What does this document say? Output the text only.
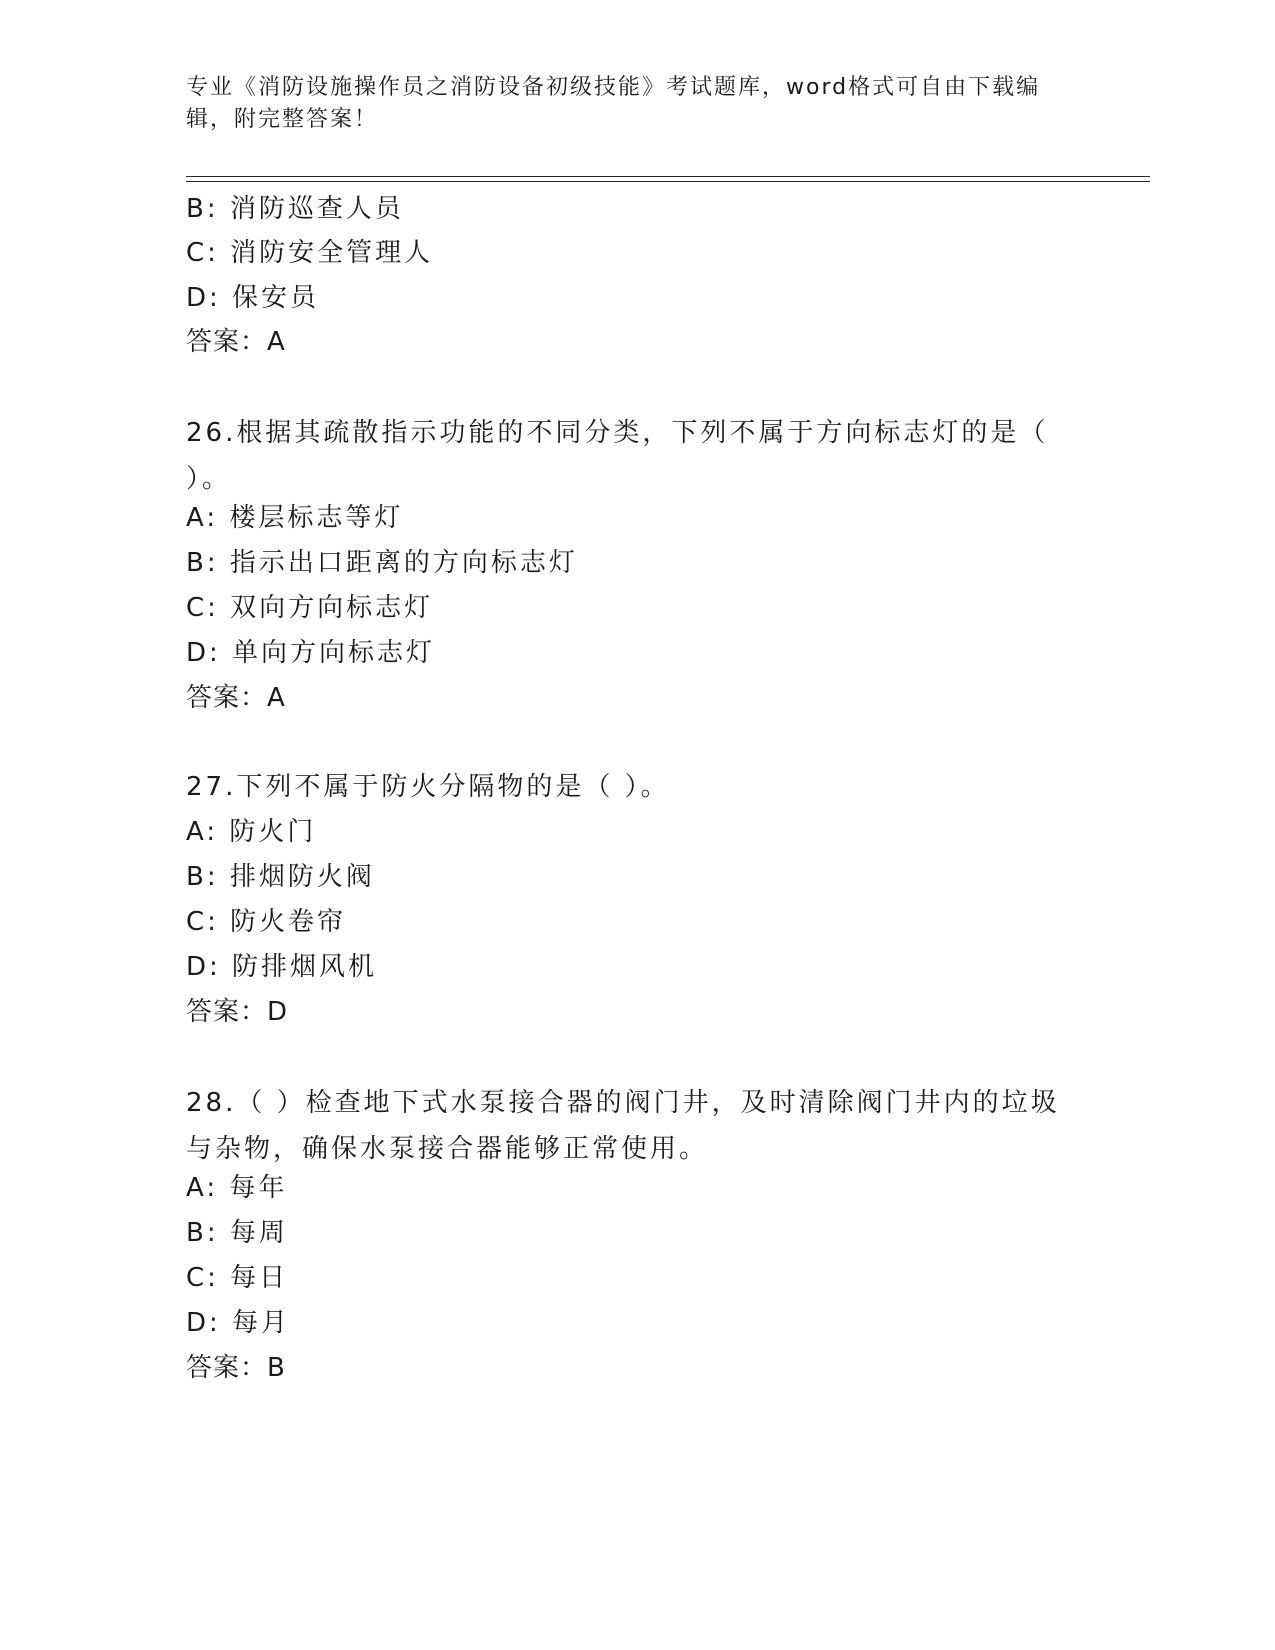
专业《消防设施操作员之消防设备初级技能》考试题库，word格式可自由下载编辑，附完整答案！
B: 消防巡查人员
C: 消防安全管理人
D: 保安员
答案：A
26.根据其疏散指示功能的不同分类，下列不属于方向标志灯的是（ ）。
A: 楼层标志等灯
B: 指示出口距离的方向标志灯
C: 双向方向标志灯
D: 单向方向标志灯
答案：A
27.下列不属于防火分隔物的是（ ）。
A: 防火门
B: 排烟防火阀
C: 防火卷帘
D: 防排烟风机
答案：D
28.（ ）检查地下式水泵接合器的阀门井，及时清除阀门井内的垃圾与杂物，确保水泵接合器能够正常使用。
A: 每年
B: 每周
C: 每日
D: 每月
答案：B
